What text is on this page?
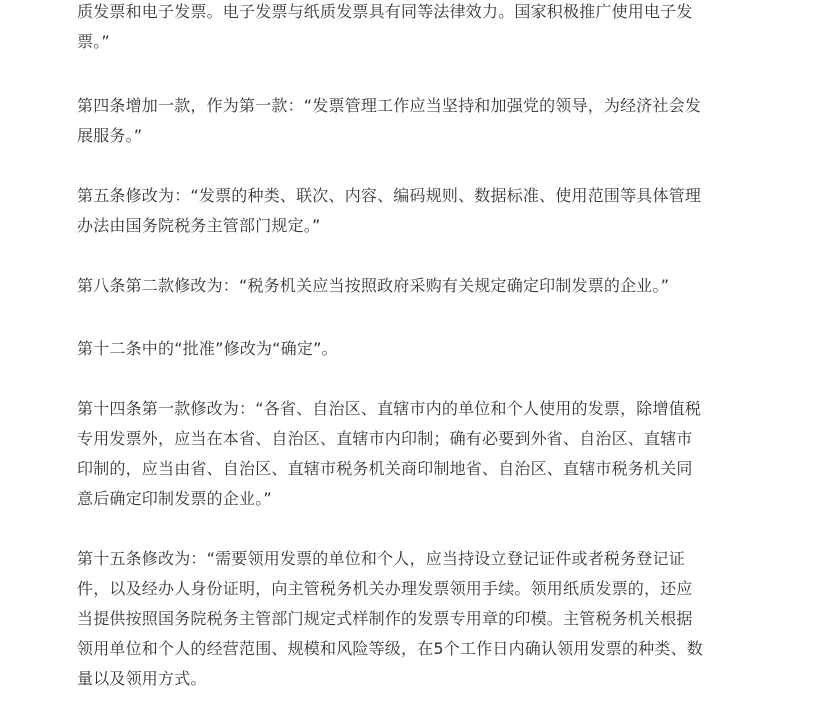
质发票和电子发票。电子发票与纸质发票具有同等法律效力。国家积极推广使用电子发
票。”

第四条增加一款，作为第一款：“发票管理工作应当坚持和加强党的领导，为经济社会发
展服务。”

第五条修改为：“发票的种类、联次、内容、编码规则、数据标准、使用范围等具体管理
办法由国务院税务主管部门规定。”

第八条第二款修改为：“税务机关应当按照政府采购有关规定确定印制发票的企业。”

第十二条中的“批准”修改为“确定”。

第十四条第一款修改为：“各省、自治区、直辖市内的单位和个人使用的发票，除增值税
专用发票外，应当在本省、自治区、直辖市内印制；确有必要到外省、自治区、直辖市
印制的，应当由省、自治区、直辖市税务机关商印制地省、自治区、直辖市税务机关同
意后确定印制发票的企业。”

第十五条修改为：“需要领用发票的单位和个人，应当持设立登记证件或者税务登记证
件，以及经办人身份证明，向主管税务机关办理发票领用手续。领用纸质发票的，还应
当提供按照国务院税务主管部门规定式样制作的发票专用章的印模。主管税务机关根据
领用单位和个人的经营范围、规模和风险等级，在5个工作日内确认领用发票的种类、数
量以及领用方式。
